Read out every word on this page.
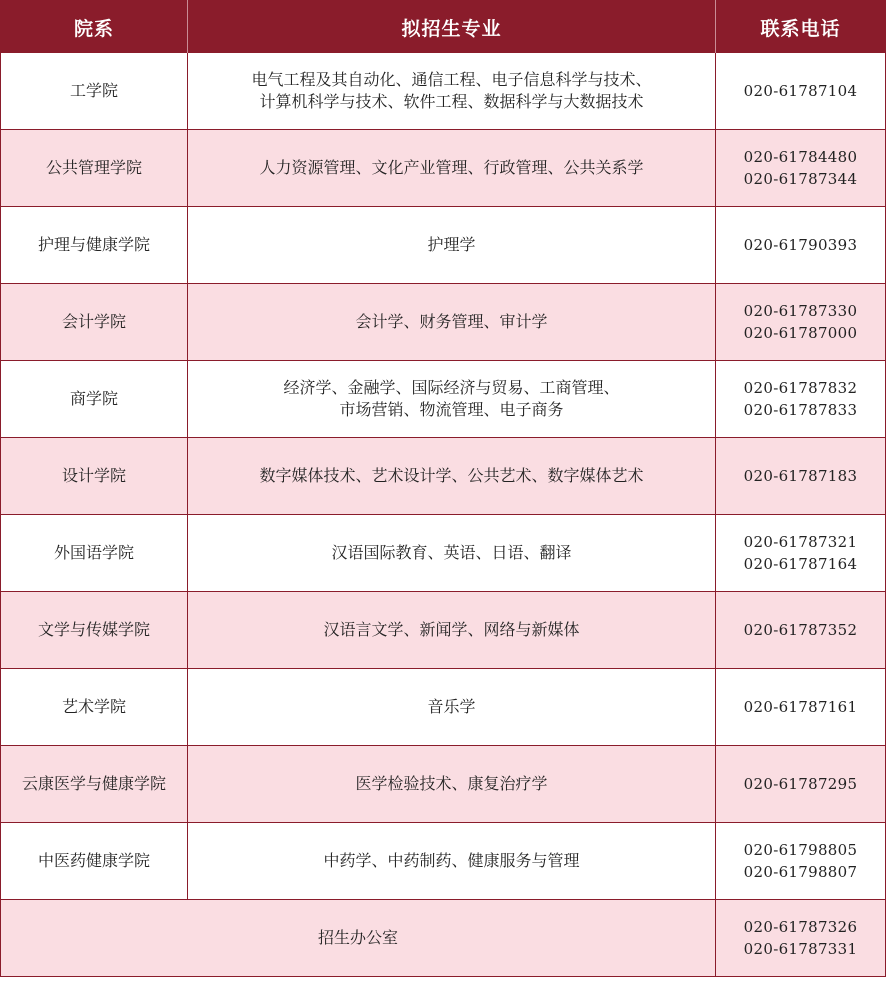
院系	拟招生专业	联系电话
工学院	电气工程及其自动化、通信工程、电子信息科学与技术、
计算机科学与技术、软件工程、数据科学与大数据技术	020-61787104

公共管理学院	人力资源管理、文化产业管理、行政管理、公共关系学	020-61784480
020-61787344

护理与健康学院	护理学	020-61790393

会计学院	会计学、财务管理、审计学	020-61787330
020-61787000

商学院	经济学、金融学、国际经济与贸易、工商管理、
市场营销、物流管理、电子商务	020-61787832
020-61787833

设计学院	数字媒体技术、艺术设计学、公共艺术、数字媒体艺术	020-61787183

外国语学院	汉语国际教育、英语、日语、翻译	020-61787321
020-61787164

文学与传媒学院	汉语言文学、新闻学、网络与新媒体	020-61787352

艺术学院	音乐学	020-61787161

云康医学与健康学院	医学检验技术、康复治疗学	020-61787295

中医药健康学院	中药学、中药制药、健康服务与管理	020-61798805
020-61798807

招生办公室		020-61787326
020-61787331
